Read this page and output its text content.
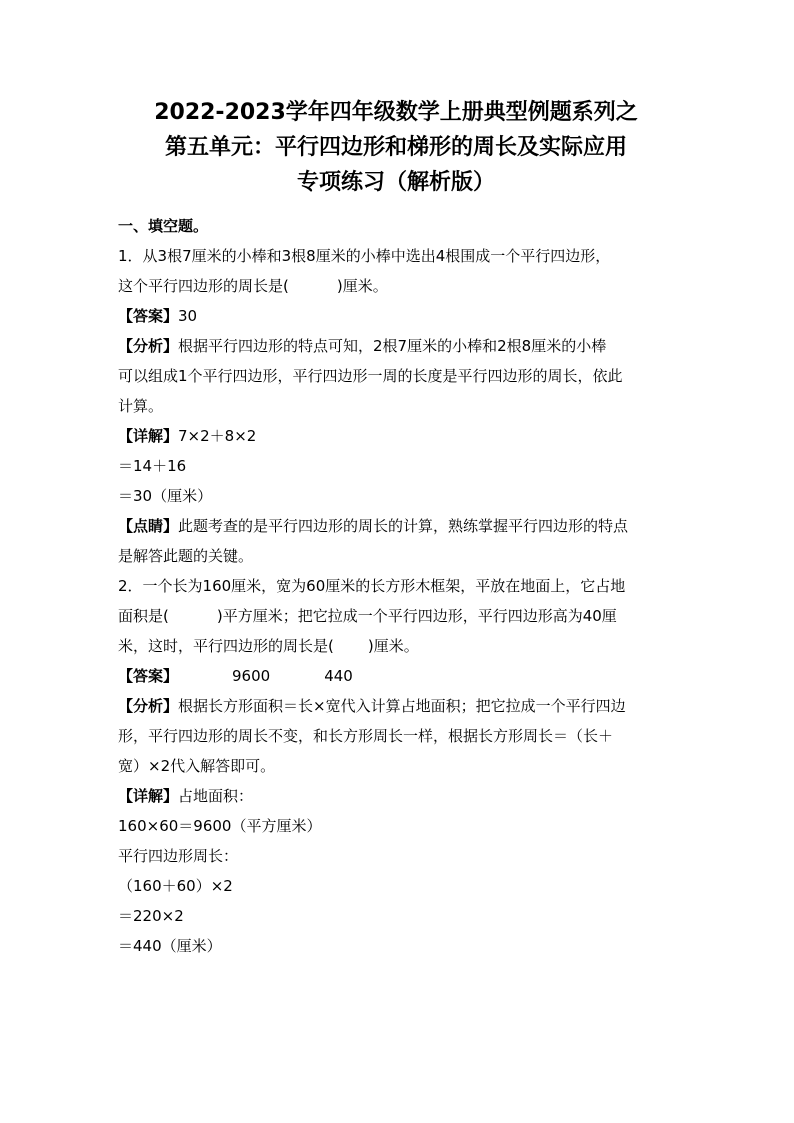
2022-2023学年四年级数学上册典型例题系列之

第五单元：平行四边形和梯形的周长及实际应用

专项练习（解析版）

一、填空题。

1．从3根7厘米的小棒和3根8厘米的小棒中选出4根围成一个平行四边形，

这个平行四边形的周长是(	)厘米。

【答案】30

【分析】根据平行四边形的特点可知，2根7厘米的小棒和2根8厘米的小棒

可以组成1个平行四边形，平行四边形一周的长度是平行四边形的周长，依此

计算。

【详解】7×2＋8×2

＝14＋16

＝30（厘米）

【点睛】此题考查的是平行四边形的周长的计算，熟练掌握平行四边形的特点

是解答此题的关键。

2．一个长为160厘米，宽为60厘米的长方形木框架，平放在地面上，它占地

面积是(	)平方厘米；把它拉成一个平行四边形，平行四边形高为40厘

米，这时，平行四边形的周长是( )厘米。

【答案】	9600	440

【分析】根据长方形面积＝长×宽代入计算占地面积；把它拉成一个平行四边

形，平行四边形的周长不变，和长方形周长一样，根据长方形周长＝（长＋

宽）×2代入解答即可。

【详解】占地面积：

160×60＝9600（平方厘米）

平行四边形周长：

（160＋60）×2

＝220×2

＝440（厘米）
